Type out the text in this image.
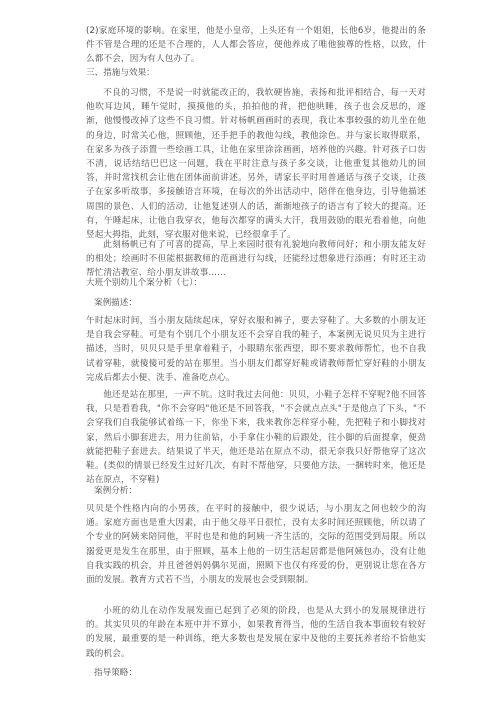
(2)家庭环境的影响。在家里，他是小皇帝，上头还有一个姐姐，长他6岁，他提出的条件不管是合理的还是不合理的，人人都会答应，便他养成了唯他独尊的性格，以致，什么都不会，因为有人包办了。
三、措施与效果：
不良的习惯，不是说一时就能改正的，我软硬皆施，表扬和批评相结合，每一天对他吹耳边风，睡午觉时，摸摸他的头，拍拍他的背，把他哄睡，孩子也会反思的，逐渐，他慢慢改掉了这些不良习惯。针对杨帆画画时的表现，我让本事较强的幼儿坐在他的身边，时常关心他，照顾他，还手把手的教他勾线，教他涂色。并与家长取得联系，在家多为孩子添置一些绘画工具，让他在家里涂涂画画，培养他的兴趣。针对孩子口齿不清，说话结结巴巴这一问题，我在平时注意与孩子多交谈，让他重复其他幼儿的回答，并时常找机会让他在团体面前讲述。另外，请家长平时用普通话与孩子交谈，让孩子在家多听故事，多接触语言环境，在每次的外出活动中，陪伴在他身边，引导他描述周围的景色、人们的活动，让他复述别人的话，渐渐地孩子的语言有了较大的提高。还有，午睡起床，让他自我穿衣，他每次都穿的满头大汗，我用鼓励的眼光看着他，向他竖起大拇指，此刻，穿衣服对他来说，已经很拿手了。
此刻杨帆已有了可喜的提高，早上来园时很有礼貌地向教师问好；和小朋友能友好的相处；绘画时不但能根据教师的范画进行勾线，还能经过想象进行添画；有时还主动帮忙清洁教室、给小朋友讲故事……
大班个别幼儿个案分析（七）：
案例描述：
午时起床时间，当小朋友陆续起床，穿好衣服和裤子，要去穿鞋了。大多数的小朋友还是自我会穿鞋。可是有个别几个小朋友还不会穿自我的鞋子，本案例无说贝贝为主进行描述，当时，贝贝只是手里拿着鞋子，小眼睛东张西望，即不要求教师帮忙，也不自我试着穿鞋，就傻傻可爱的站在那里。当小朋友们都穿好鞋或请教师帮忙穿好鞋的小朋友完成后都去小便、洗手、准备吃点心。
他还是站在那里，一声不吭。这时我过去问他：贝贝，小鞋子怎样不穿呢?他不回答我，只是看看我，"你不会穿吗"他还是不回答我，"不会就点点头"于是他点了下头，"不会穿我们自我能够试着练一下，你坐下来，我来教你怎样穿小鞋，先把鞋子和小脚找对家，然后小脚套进去，用力往前钻，小手拿住小鞋的后跟处，往小脚的后面提拿，便劲就能把鞋子套进去。结果说了半天，他还是站在原点不动，很无奈我只好帮他穿了这次鞋。(类似的情景已经发生过好几次，有时不帮他穿，只要他方法，一捆转时来，他还是站在原点，不穿鞋)
案例分析：
贝贝是个性格内向的小男孩，在平时的接触中，很少说话，与小朋友之间也较少的沟通。家庭方面也是重大因素，由于他父母平日很忙，没有太多时间还照顾他，所以请了个专业的阿姨来陪同他，平时也是和他的阿姨一齐生活的，交际的范围受到局限。所以溺爱更是发生在那里，由于照顾，基本上他的一切生活起居都是他阿姨包办，没有让他自我实践的机会，并且爸爸妈妈偶尔见面，照顾下也仅有疼爱的份，更别说让您在各方面的发展。教育方式若不当，小朋友的发展也会受到限制。
小班的幼儿在动作发展发面已起到了必须的阶段，也是从大到小的发展规律进行的。其实贝贝的年龄在本班中并不算小，如果教育得当，他的生活自我本事面较有较好的发展，最重要的是一种训练，绝大多数也是发展在家中及他的主要抚养者给不恰他实践的机会。
指导策略：
